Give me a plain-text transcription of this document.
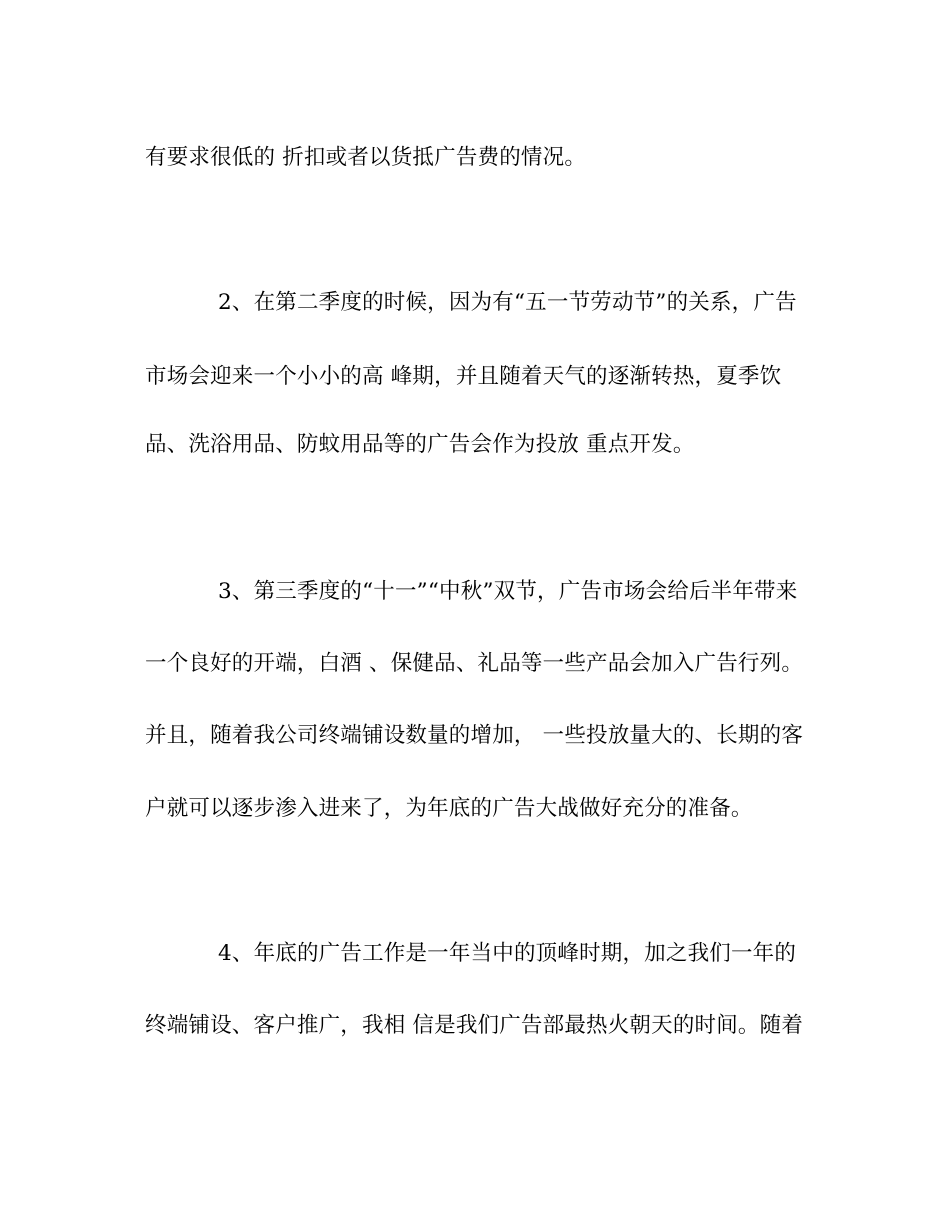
有要求很低的 折扣或者以货抵广告费的情况。
2、在第二季度的时候，因为有“五一节劳动节”的关系，广告
市场会迎来一个小小的高 峰期，并且随着天气的逐渐转热，夏季饮
品、洗浴用品、防蚊用品等的广告会作为投放 重点开发。
3、第三季度的“十一”“中秋”双节，广告市场会给后半年带来
一个良好的开端，白酒 、保健品、礼品等一些产品会加入广告行列。
并且，随着我公司终端铺设数量的增加， 一些投放量大的、长期的客
户就可以逐步渗入进来了，为年底的广告大战做好充分的准备。
4、年底的广告工作是一年当中的顶峰时期，加之我们一年的
终端铺设、客户推广，我相 信是我们广告部最热火朝天的时间。随着
